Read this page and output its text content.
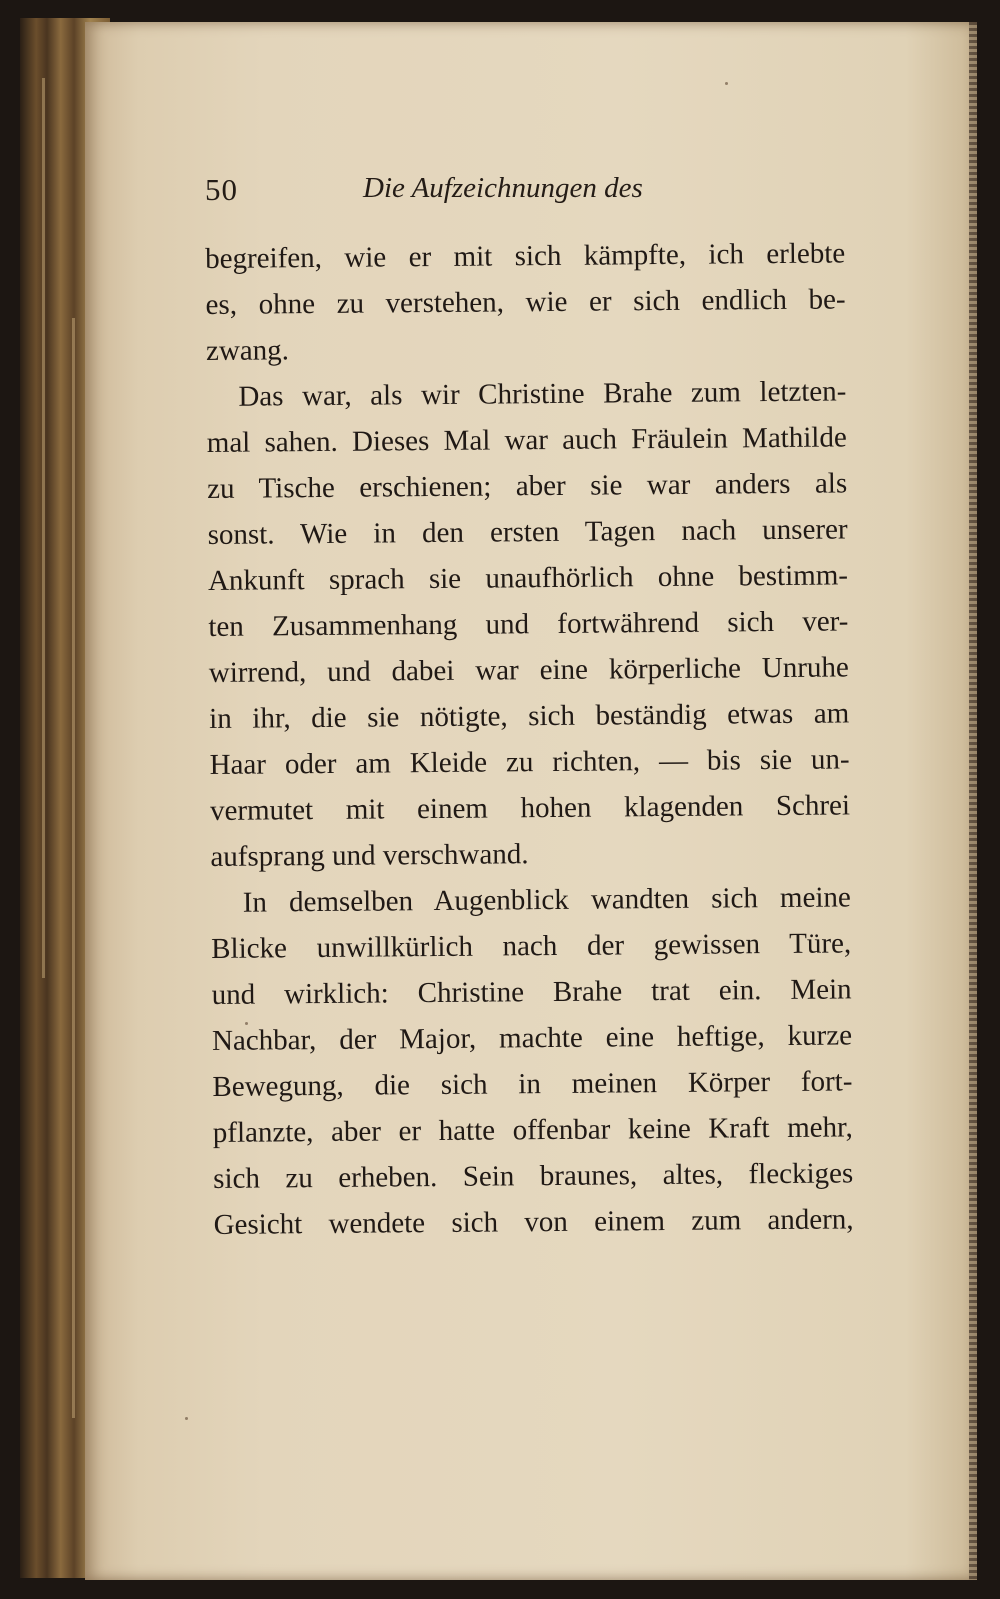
50	Die Aufzeichnungen des
begreifen, wie er mit sich kämpfte, ich erlebte
es, ohne zu verstehen, wie er sich endlich be-
zwang.
Das war, als wir Christine Brahe zum letzten-
mal sahen. Dieses Mal war auch Fräulein Mathilde
zu Tische erschienen; aber sie war anders als
sonst. Wie in den ersten Tagen nach unserer
Ankunft sprach sie unaufhörlich ohne bestimm-
ten Zusammenhang und fortwährend sich ver-
wirrend, und dabei war eine körperliche Unruhe
in ihr, die sie nötigte, sich beständig etwas am
Haar oder am Kleide zu richten, — bis sie un-
vermutet mit einem hohen klagenden Schrei
aufsprang und verschwand.
In demselben Augenblick wandten sich meine
Blicke unwillkürlich nach der gewissen Türe,
und wirklich: Christine Brahe trat ein. Mein
Nachbar, der Major, machte eine heftige, kurze
Bewegung, die sich in meinen Körper fort-
pflanzte, aber er hatte offenbar keine Kraft mehr,
sich zu erheben. Sein braunes, altes, fleckiges
Gesicht wendete sich von einem zum andern,
